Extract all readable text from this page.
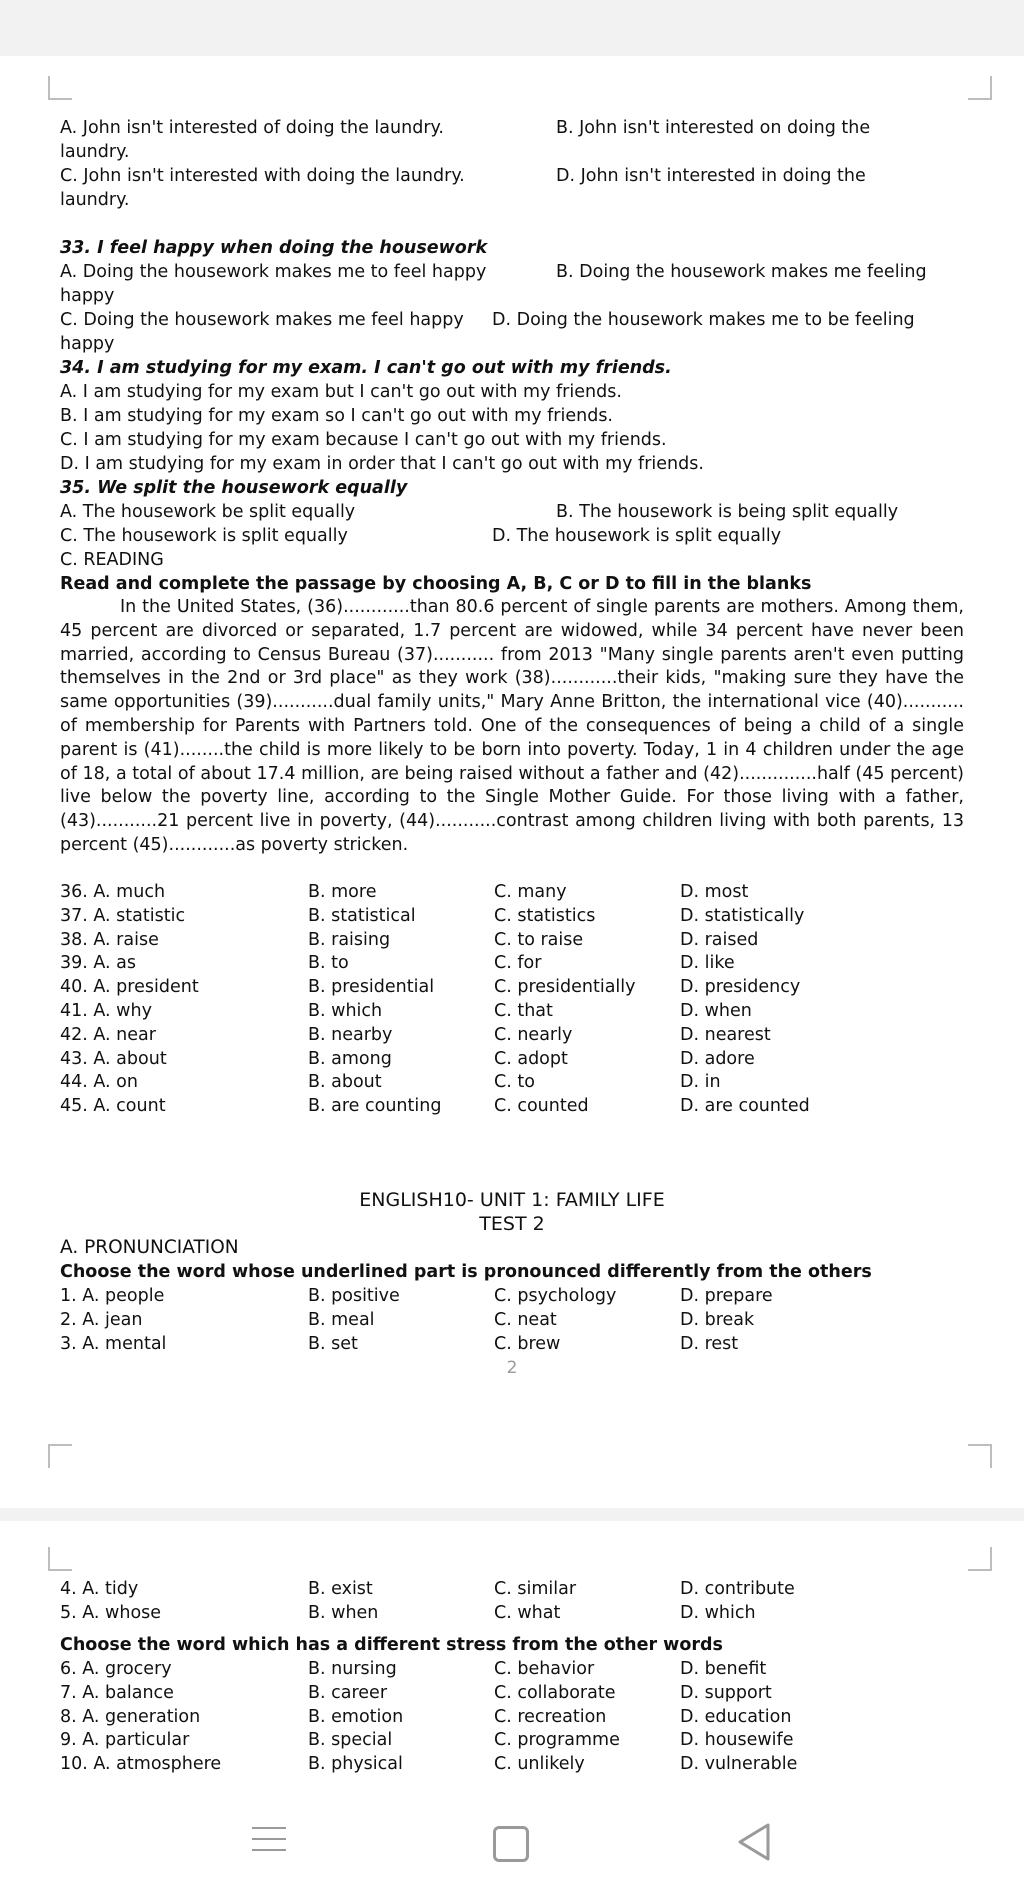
A. John isn't interested of doing the laundry.	B. John isn't interested on doing the
laundry.
C. John isn't interested with doing the laundry.	D. John isn't interested in doing the
laundry.
33. I feel happy when doing the housework
A. Doing the housework makes me to feel happy	B. Doing the housework makes me feeling
happy
C. Doing the housework makes me feel happy D. Doing the housework makes me to be feeling
happy
34. I am studying for my exam. I can't go out with my friends.
A. I am studying for my exam but I can't go out with my friends.
B. I am studying for my exam so I can't go out with my friends.
C. I am studying for my exam because I can't go out with my friends.
D. I am studying for my exam in order that I can't go out with my friends.
35. We split the housework equally
A. The housework be split equally	B. The housework is being split equally
C. The housework is split equally	D. The housework is split equally
C. READING
Read and complete the passage by choosing A, B, C or D to fill in the blanks
In the United States, (36)............than 80.6 percent of single parents are mothers. Among them, 45 percent are divorced or separated, 1.7 percent are widowed, while 34 percent have never been married, according to Census Bureau (37)........... from 2013 "Many single parents aren't even putting themselves in the 2nd or 3rd place" as they work (38)............their kids, "making sure they have the same opportunities (39)...........dual family units," Mary Anne Britton, the international vice (40)........... of membership for Parents with Partners told. One of the consequences of being a child of a single parent is (41)........the child is more likely to be born into poverty. Today, 1 in 4 children under the age of 18, a total of about 17.4 million, are being raised without a father and (42)..............half (45 percent) live below the poverty line, according to the Single Mother Guide. For those living with a father, (43)...........21 percent live in poverty, (44)...........contrast among children living with both parents, 13 percent (45)............as poverty stricken.
ENGLISH10- UNIT 1: FAMILY LIFE
TEST 2
A. PRONUNCIATION
Choose the word whose underlined part is pronounced differently from the others
2
36. A. much	B. more	C. many	D. most
37. A. statistic	B. statistical	C. statistics	D. statistically
38. A. raise	B. raising	C. to raise	D. raised
39. A. as	B. to	C. for	D. like
40. A. president	B. presidential	C. presidentially	D. presidency
41. A. why	B. which	C. that	D. when
42. A. near	B. nearby	C. nearly	D. nearest
43. A. about	B. among	C. adopt	D. adore
44. A. on	B. about	C. to	D. in
45. A. count	B. are counting	C. counted	D. are counted
1. A. people	B. positive	C. psychology	D. prepare
2. A. jean	B. meal	C. neat	D. break
3. A. mental	B. set	C. brew	D. rest
Choose the word which has a different stress from the other words
4. A. tidy	B. exist	C. similar	D. contribute
5. A. whose	B. when	C. what	D. which
6. A. grocery	B. nursing	C. behavior	D. benefit
7. A. balance	B. career	C. collaborate	D. support
8. A. generation	B. emotion	C. recreation	D. education
9. A. particular	B. special	C. programme	D. housewife
10. A. atmosphere	B. physical	C. unlikely	D. vulnerable
